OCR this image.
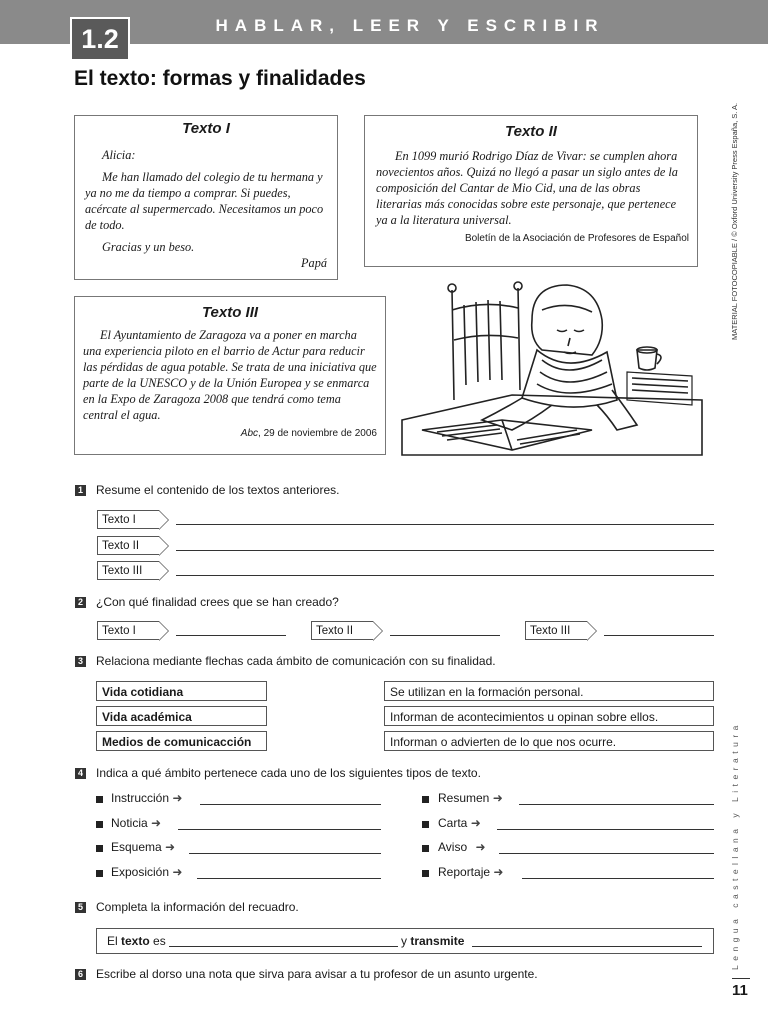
1.2	HABLAR, LEER Y ESCRIBIR
El texto: formas y finalidades
MATERIAL FOTOCOPIABLE / © Oxford University Press España, S. A.
Lengua castellana y Literatura
11
Texto I

Alicia:

Me han llamado del colegio de tu hermana y ya no me da tiempo a comprar. Si puedes, acércate al supermercado. Necesitamos un poco de todo.

Gracias y un beso.

Papá

Texto II

En 1099 murió Rodrigo Díaz de Vivar: se cumplen ahora novecientos años. Quizá no llegó a pasar un siglo antes de la composición del Cantar de Mio Cid, una de las obras literarias más conocidas sobre este personaje, que pertenece ya a la literatura universal.

Boletín de la Asociación de Profesores de Español
Texto III

El Ayuntamiento de Zaragoza va a poner en marcha una experiencia piloto en el barrio de Actur para reducir las pérdidas de agua potable. Se trata de una iniciativa que parte de la UNESCO y de la Unión Europea y se enmarca en la Expo de Zaragoza 2008 que tendrá como tema central el agua.

Abc, 29 de noviembre de 2006
1 Resume el contenido de los textos anteriores.
Texto I
Texto II
Texto III
2 ¿Con qué finalidad crees que se han creado?
Texto I	Texto II	Texto III
3 Relaciona mediante flechas cada ámbito de comunicación con su finalidad.
Vida cotidiana
Vida académica
Medios de comunicacción
Se utilizan en la formación personal.
Informan de acontecimientos u opinan sobre ellos.
Informan o advierten de lo que nos ocurre.
4 Indica a qué ámbito pertenece cada uno de los siguientes tipos de texto.
Instrucción ➜
Noticia ➜
Esquema ➜
Exposición ➜
Resumen ➜
Carta ➜
Aviso ➜
Reportaje ➜
5 Completa la información del recuadro.
El texto es	y transmite
6 Escribe al dorso una nota que sirva para avisar a tu profesor de un asunto urgente.
